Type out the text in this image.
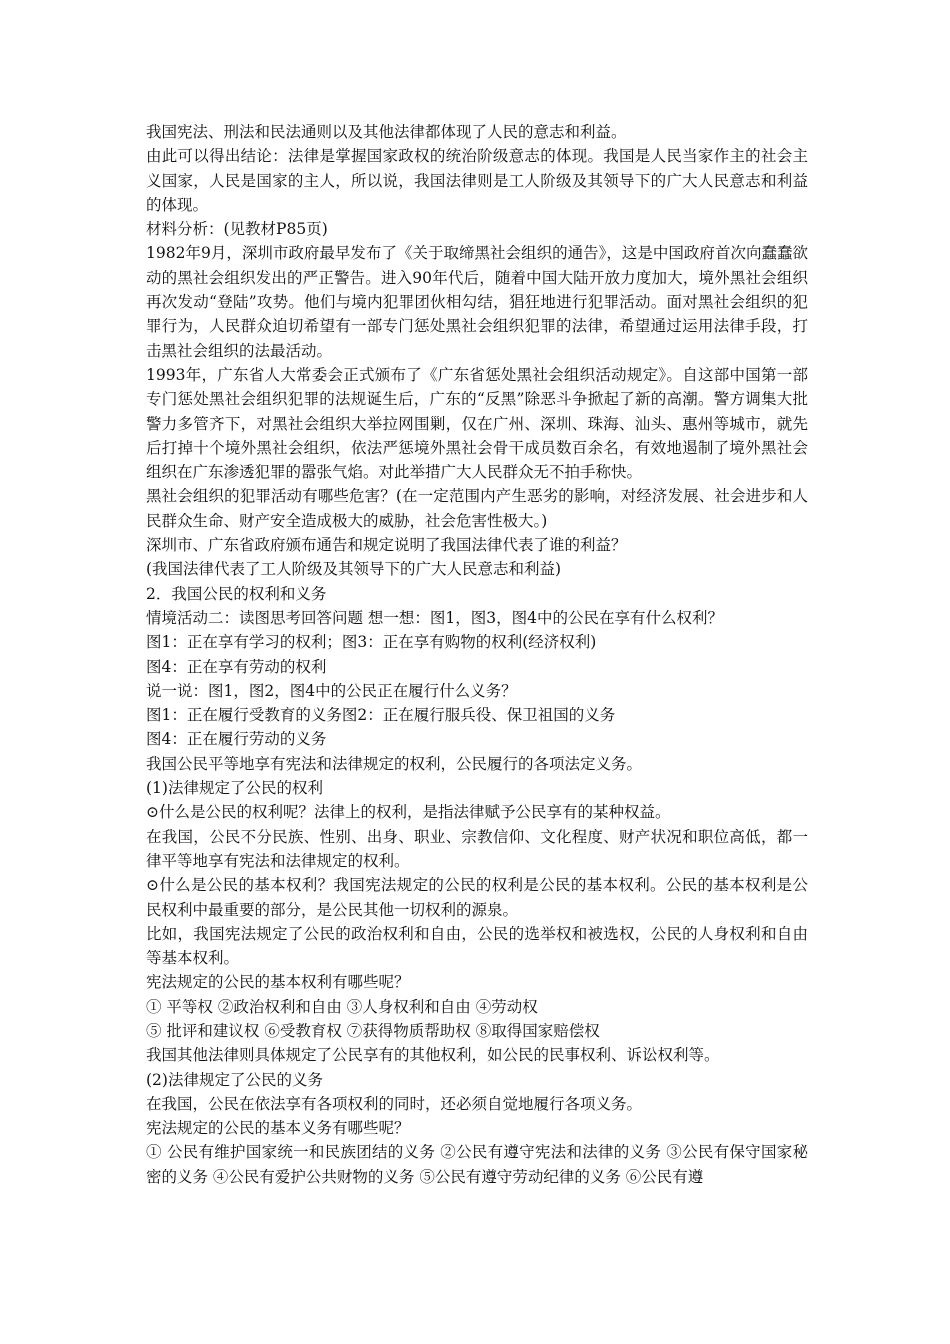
我国宪法、刑法和民法通则以及其他法律都体现了人民的意志和利益。

由此可以得出结论：法律是掌握国家政权的统治阶级意志的体现。我国是人民当家作主的社会主义国家，人民是国家的主人，所以说，我国法律则是工人阶级及其领导下的广大人民意志和利益的体现。

材料分析：(见教材P85页)

1982年9月，深圳市政府最早发布了《关于取缔黑社会组织的通告》，这是中国政府首次向蠢蠢欲动的黑社会组织发出的严正警告。进入90年代后，随着中国大陆开放力度加大，境外黑社会组织再次发动“登陆”攻势。他们与境内犯罪团伙相勾结，猖狂地进行犯罪活动。面对黑社会组织的犯罪行为，人民群众迫切希望有一部专门惩处黑社会组织犯罪的法律，希望通过运用法律手段，打击黑社会组织的法最活动。

1993年，广东省人大常委会正式颁布了《广东省惩处黑社会组织活动规定》。自这部中国第一部专门惩处黑社会组织犯罪的法规诞生后，广东的“反黑”除恶斗争掀起了新的高潮。警方调集大批警力多管齐下，对黑社会组织大举拉网围剿，仅在广州、深圳、珠海、汕头、惠州等城市，就先后打掉十个境外黑社会组织，依法严惩境外黑社会骨干成员数百余名，有效地遏制了境外黑社会组织在广东渗透犯罪的嚣张气焰。对此举措广大人民群众无不拍手称快。

黑社会组织的犯罪活动有哪些危害？(在一定范围内产生恶劣的影响，对经济发展、社会进步和人民群众生命、财产安全造成极大的威胁，社会危害性极大。)

深圳市、广东省政府颁布通告和规定说明了我国法律代表了谁的利益？

(我国法律代表了工人阶级及其领导下的广大人民意志和利益)

2．我国公民的权利和义务

情境活动二：读图思考回答问题 想一想：图1，图3，图4中的公民在享有什么权利？

图1：正在享有学习的权利；图3：正在享有购物的权利(经济权利)

图4：正在享有劳动的权利

说一说：图1，图2，图4中的公民正在履行什么义务？

图1：正在履行受教育的义务图2：正在履行服兵役、保卫祖国的义务

图4：正在履行劳动的义务

我国公民平等地享有宪法和法律规定的权利，公民履行的各项法定义务。

(1)法律规定了公民的权利

⊙什么是公民的权利呢？法律上的权利，是指法律赋予公民享有的某种权益。

在我国，公民不分民族、性别、出身、职业、宗教信仰、文化程度、财产状况和职位高低，都一律平等地享有宪法和法律规定的权利。

⊙什么是公民的基本权利？我国宪法规定的公民的权利是公民的基本权利。公民的基本权利是公民权利中最重要的部分，是公民其他一切权利的源泉。

比如，我国宪法规定了公民的政治权利和自由，公民的选举权和被选权，公民的人身权利和自由等基本权利。

宪法规定的公民的基本权利有哪些呢？

① 平等权 ②政治权利和自由 ③人身权利和自由 ④劳动权

⑤ 批评和建议权 ⑥受教育权 ⑦获得物质帮助权 ⑧取得国家赔偿权

我国其他法律则具体规定了公民享有的其他权利，如公民的民事权利、诉讼权利等。

(2)法律规定了公民的义务

在我国，公民在依法享有各项权利的同时，还必须自觉地履行各项义务。

宪法规定的公民的基本义务有哪些呢？

① 公民有维护国家统一和民族团结的义务 ②公民有遵守宪法和法律的义务 ③公民有保守国家秘密的义务 ④公民有爱护公共财物的义务 ⑤公民有遵守劳动纪律的义务 ⑥公民有遵
